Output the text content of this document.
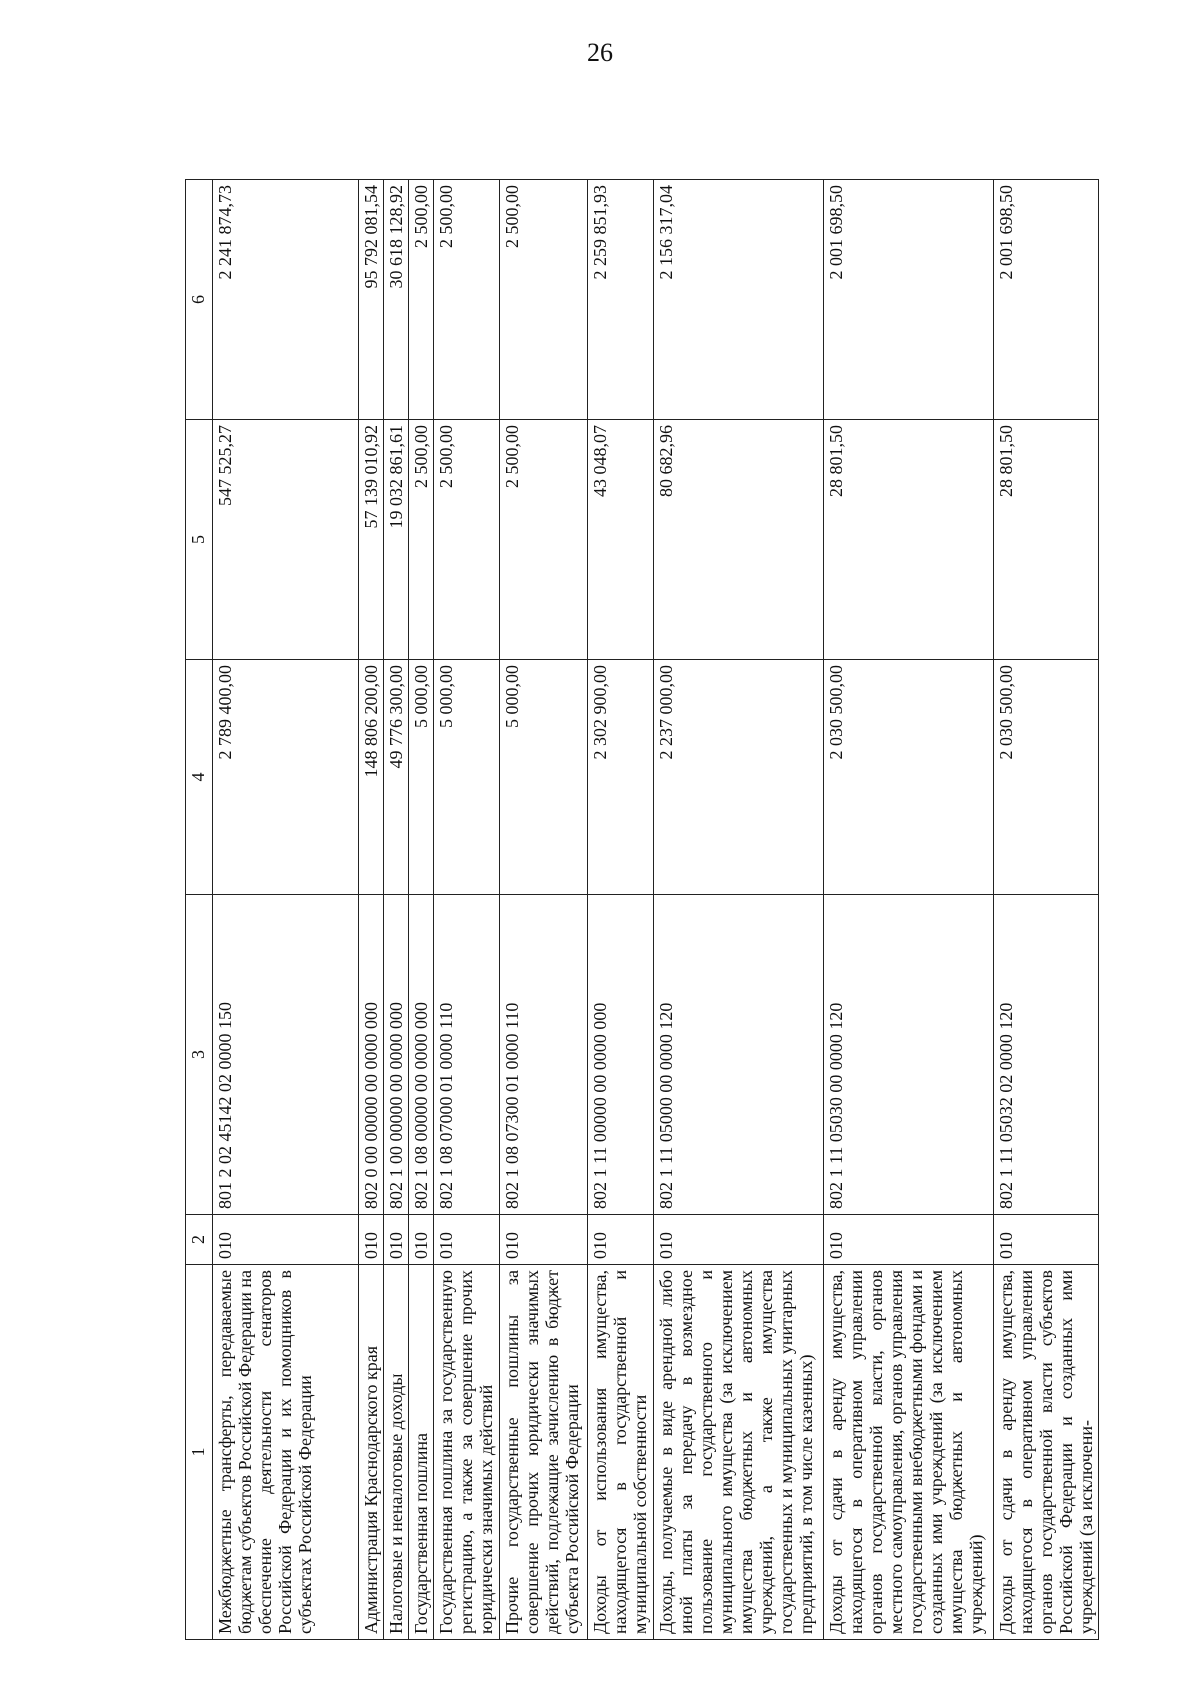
26
1	2	3	4	5	6
Межбюджетные трансферты, передаваемые бюджетам субъектов Российской Федерации на обеспечение деятельности сенаторов Российской Федерации и их помощников в субъектах Российской Федерации	010	801 2 02 45142 02 0000 150	2 789 400,00	547 525,27	2 241 874,73
Администрация Краснодарского края	010	802 0 00 00000 00 0000 000	148 806 200,00	57 139 010,92	95 792 081,54
Налоговые и неналоговые доходы	010	802 1 00 00000 00 0000 000	49 776 300,00	19 032 861,61	30 618 128,92
Государственная пошлина	010	802 1 08 00000 00 0000 000	5 000,00	2 500,00	2 500,00
Государственная пошлина за государственную регистрацию, а также за совершение прочих юридически значимых действий	010	802 1 08 07000 01 0000 110	5 000,00	2 500,00	2 500,00
Прочие государственные пошлины за совершение прочих юридически значимых действий, подлежащие зачислению в бюджет субъекта Российской Федерации	010	802 1 08 07300 01 0000 110	5 000,00	2 500,00	2 500,00
Доходы от использования имущества, находящегося в государственной и муниципальной собственности	010	802 1 11 00000 00 0000 000	2 302 900,00	43 048,07	2 259 851,93
Доходы, получаемые в виде арендной либо иной платы за передачу в возмездное пользование государственного и муниципального имущества (за исключением имущества бюджетных и автономных учреждений, а также имущества государственных и муниципальных унитарных предприятий, в том числе казенных)	010	802 1 11 05000 00 0000 120	2 237 000,00	80 682,96	2 156 317,04
Доходы от сдачи в аренду имущества, находящегося в оперативном управлении органов государственной власти, органов местного самоуправления, органов управления государственными внебюджетными фондами и созданных ими учреждений (за исключением имущества бюджетных и автономных учреждений)	010	802 1 11 05030 00 0000 120	2 030 500,00	28 801,50	2 001 698,50
Доходы от сдачи в аренду имущества, находящегося в оперативном управлении органов государственной власти субъектов Российской Федерации и созданных ими учреждений (за исключени-	010	802 1 11 05032 02 0000 120	2 030 500,00	28 801,50	2 001 698,50
